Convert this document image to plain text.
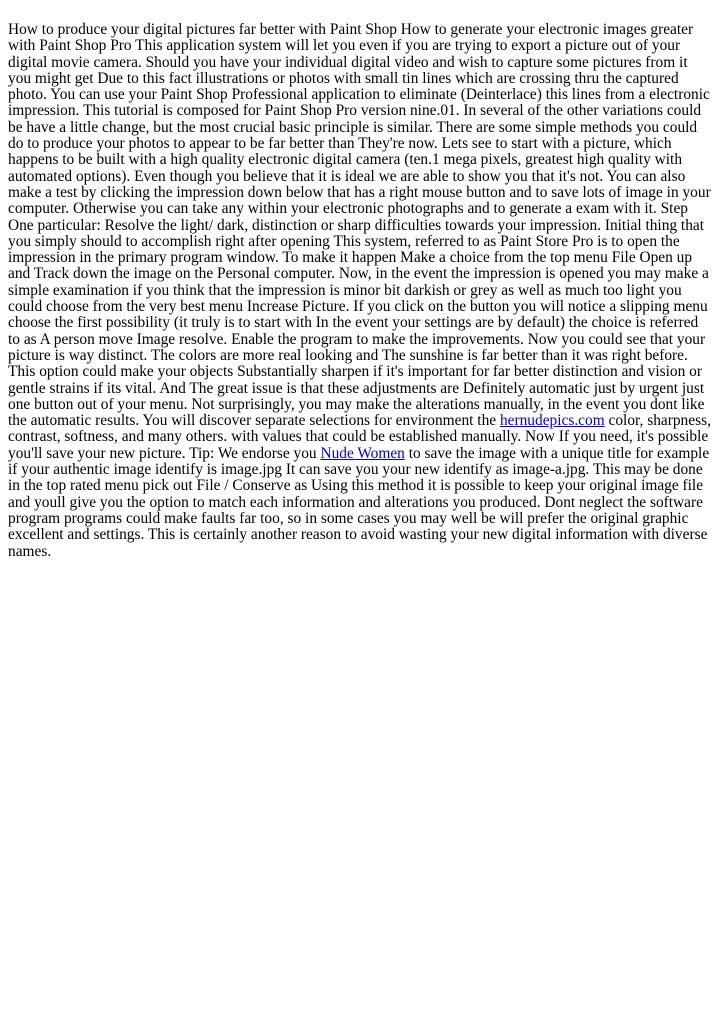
How to produce your digital pictures far better with Paint Shop How to generate your electronic images greater with Paint Shop Pro This application system will let you even if you are trying to export a picture out of your digital movie camera. Should you have your individual digital video and wish to capture some pictures from it you might get Due to this fact illustrations or photos with small tin lines which are crossing thru the captured photo. You can use your Paint Shop Professional application to eliminate (Deinterlace) this lines from a electronic impression. This tutorial is composed for Paint Shop Pro version nine.01. In several of the other variations could be have a little change, but the most crucial basic principle is similar. There are some simple methods you could do to produce your photos to appear to be far better than They're now. Lets see to start with a picture, which happens to be built with a high quality electronic digital camera (ten.1 mega pixels, greatest high quality with automated options). Even though you believe that it is ideal we are able to show you that it's not. You can also make a test by clicking the impression down below that has a right mouse button and to save lots of image in your computer. Otherwise you can take any within your electronic photographs and to generate a exam with it. Step One particular: Resolve the light/ dark, distinction or sharp difficulties towards your impression. Initial thing that you simply should to accomplish right after opening This system, referred to as Paint Store Pro is to open the impression in the primary program window. To make it happen Make a choice from the top menu File Open up and Track down the image on the Personal computer. Now, in the event the impression is opened you may make a simple examination if you think that the impression is minor bit darkish or grey as well as much too light you could choose from the very best menu Increase Picture. If you click on the button you will notice a slipping menu choose the first possibility (it truly is to start with In the event your settings are by default) the choice is referred to as A person move Image resolve. Enable the program to make the improvements. Now you could see that your picture is way distinct. The colors are more real looking and The sunshine is far better than it was right before. This option could make your objects Substantially sharpen if it's important for far better distinction and vision or gentle strains if its vital. And The great issue is that these adjustments are Definitely automatic just by urgent just one button out of your menu. Not surprisingly, you may make the alterations manually, in the event you dont like the automatic results. You will discover separate selections for environment the hernudepics.com color, sharpness, contrast, softness, and many others. with values that could be established manually. Now If you need, it's possible you'll save your new picture. Tip: We endorse you Nude Women to save the image with a unique title for example if your authentic image identify is image.jpg It can save you your new identify as image-a.jpg. This may be done in the top rated menu pick out File / Conserve as Using this method it is possible to keep your original image file and youll give you the option to match each information and alterations you produced. Dont neglect the software program programs could make faults far too, so in some cases you may well be will prefer the original graphic excellent and settings. This is certainly another reason to avoid wasting your new digital information with diverse names.
